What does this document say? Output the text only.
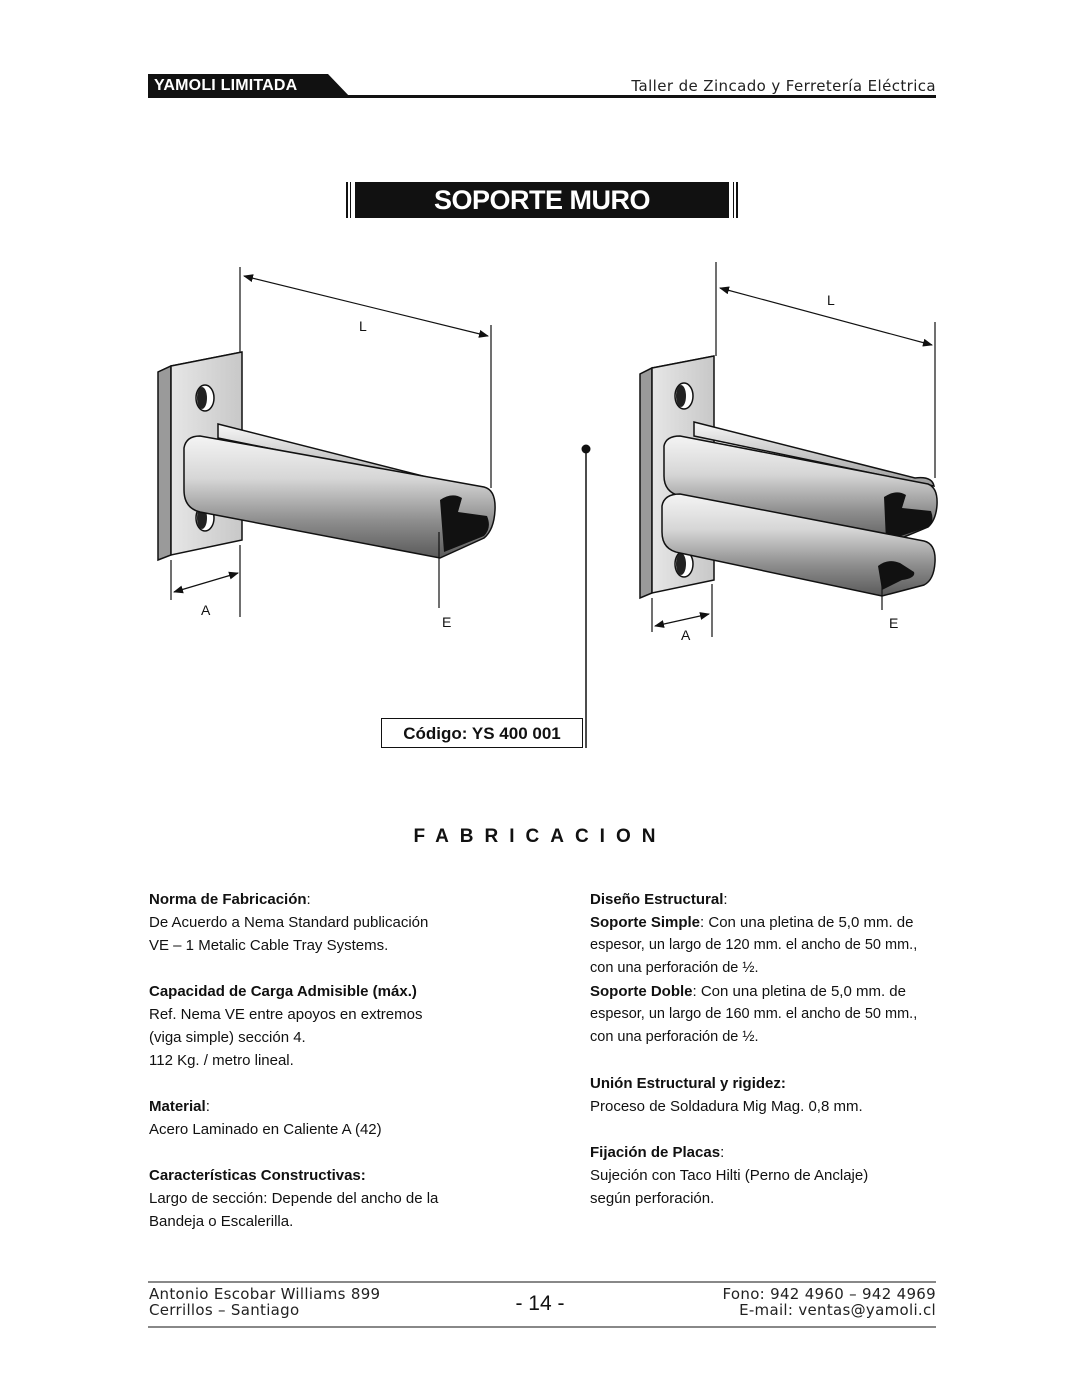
YAMOLI LIMITADA	Taller de Zincado y Ferretería Eléctrica
SOPORTE MURO
L
A
E
L
A
E
Código: YS 400 001
FABRICACION

Norma de Fabricación:

De Acuerdo a Nema Standard publicación

VE – 1 Metalic Cable Tray Systems.

Capacidad de Carga Admisible (máx.)

Ref. Nema VE entre apoyos en extremos

(viga simple) sección 4.

112 Kg. / metro lineal.

Material:

Acero Laminado en Caliente A (42)

Características Constructivas:

Largo de sección: Depende del ancho de la

Bandeja o Escalerilla.

Diseño Estructural:

Soporte Simple: Con una pletina de 5,0 mm. de

espesor, un largo de 120 mm. el ancho de 50 mm.,

con una perforación de ½.

Soporte Doble: Con una pletina de 5,0 mm. de

espesor, un largo de 160 mm. el ancho de 50 mm.,

con una perforación de ½.

Unión Estructural y rigidez:

Proceso de Soldadura Mig Mag. 0,8 mm.

Fijación de Placas:

Sujeción con Taco Hilti (Perno de Anclaje)

según perforación.

Antonio Escobar Williams 899
Cerrillos – Santiago	- 14 -	Fono: 942 4960 – 942 4969
E-mail: ventas@yamoli.cl
